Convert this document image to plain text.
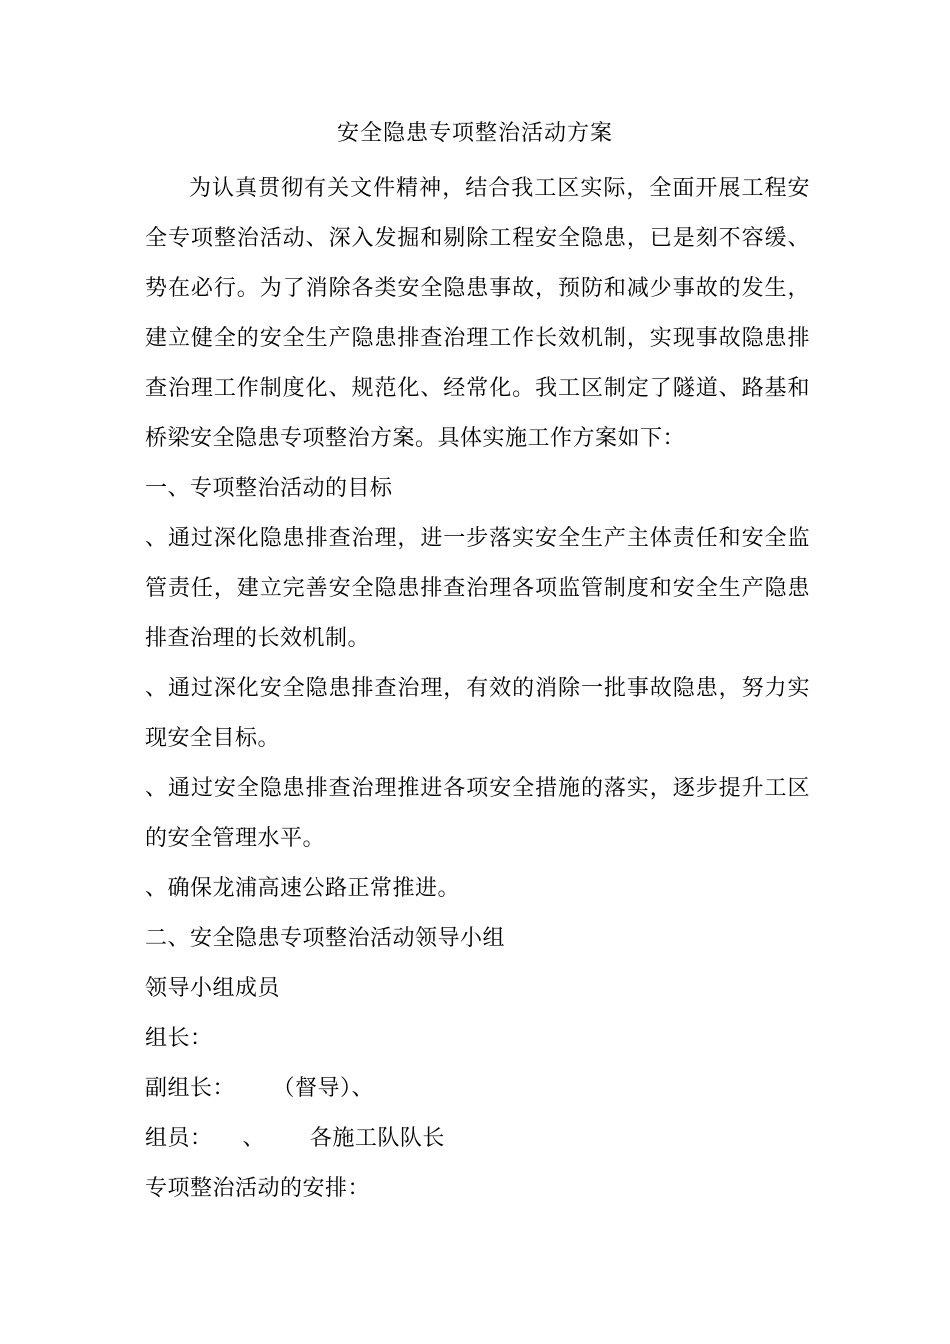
安全隐患专项整治活动方案

为认真贯彻有关文件精神，结合我工区实际，全面开展工程安全专项整治活动、深入发掘和剔除工程安全隐患，已是刻不容缓、势在必行。为了消除各类安全隐患事故，预防和减少事故的发生，建立健全的安全生产隐患排查治理工作长效机制，实现事故隐患排查治理工作制度化、规范化、经常化。我工区制定了隧道、路基和桥梁安全隐患专项整治方案。具体实施工作方案如下：

一、专项整治活动的目标

、通过深化隐患排查治理，进一步落实安全生产主体责任和安全监管责任，建立完善安全隐患排查治理各项监管制度和安全生产隐患排查治理的长效机制。

、通过深化安全隐患排查治理，有效的消除一批事故隐患，努力实现安全目标。

、通过安全隐患排查治理推进各项安全措施的落实，逐步提升工区的安全管理水平。

、确保龙浦高速公路正常推进。

二、安全隐患专项整治活动领导小组

领导小组成员

组长：

副组长：     （督导）、

组员：    、      各施工队队长

专项整治活动的安排：
